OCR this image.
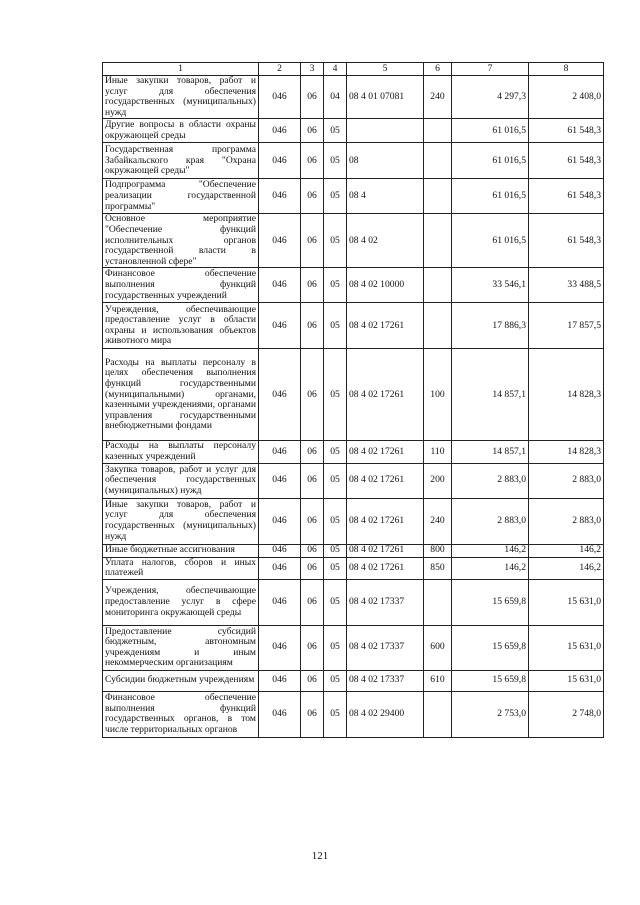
1	2	3	4	5	6	7	8
Иные закупки товаров, работ и услуг для обеспечения государственных (муниципальных) нужд	046	06	04	08 4 01 07081	240	4 297,3	2 408,0
Другие вопросы в области охраны окружающей среды	046	06	05			61 016,5	61 548,3
Государственная программа Забайкальского края "Охрана окружающей среды"	046	06	05	08		61 016,5	61 548,3
Подпрограмма "Обеспечение реализации государственной программы"	046	06	05	08 4		61 016,5	61 548,3
Основное мероприятие "Обеспечение функций исполнительных органов государственной власти в установленной сфере"	046	06	05	08 4 02		61 016,5	61 548,3
Финансовое обеспечение выполнения функций государственных учреждений	046	06	05	08 4 02 10000		33 546,1	33 488,5
Учреждения, обеспечивающие предоставление услуг в области охраны и использования объектов животного мира	046	06	05	08 4 02 17261		17 886,3	17 857,5
Расходы на выплаты персоналу в целях обеспечения выполнения функций государственными (муниципальными) органами, казенными учреждениями, органами управления государственными внебюджетными фондами	046	06	05	08 4 02 17261	100	14 857,1	14 828,3
Расходы на выплаты персоналу казенных учреждений	046	06	05	08 4 02 17261	110	14 857,1	14 828,3
Закупка товаров, работ и услуг для обеспечения государственных (муниципальных) нужд	046	06	05	08 4 02 17261	200	2 883,0	2 883,0
Иные закупки товаров, работ и услуг для обеспечения государственных (муниципальных) нужд	046	06	05	08 4 02 17261	240	2 883,0	2 883,0
Иные бюджетные ассигнования	046	06	05	08 4 02 17261	800	146,2	146,2
Уплата налогов, сборов и иных платежей	046	06	05	08 4 02 17261	850	146,2	146,2
Учреждения, обеспечивающие предоставление услуг в сфере мониторинга окружающей среды	046	06	05	08 4 02 17337		15 659,8	15 631,0
Предоставление субсидий бюджетным, автономным учреждениям и иным некоммерческим организациям	046	06	05	08 4 02 17337	600	15 659,8	15 631,0
Субсидии бюджетным учреждениям	046	06	05	08 4 02 17337	610	15 659,8	15 631,0
Финансовое обеспечение выполнения функций государственных органов, в том числе территориальных органов	046	06	05	08 4 02 29400		2 753,0	2 748,0
121
